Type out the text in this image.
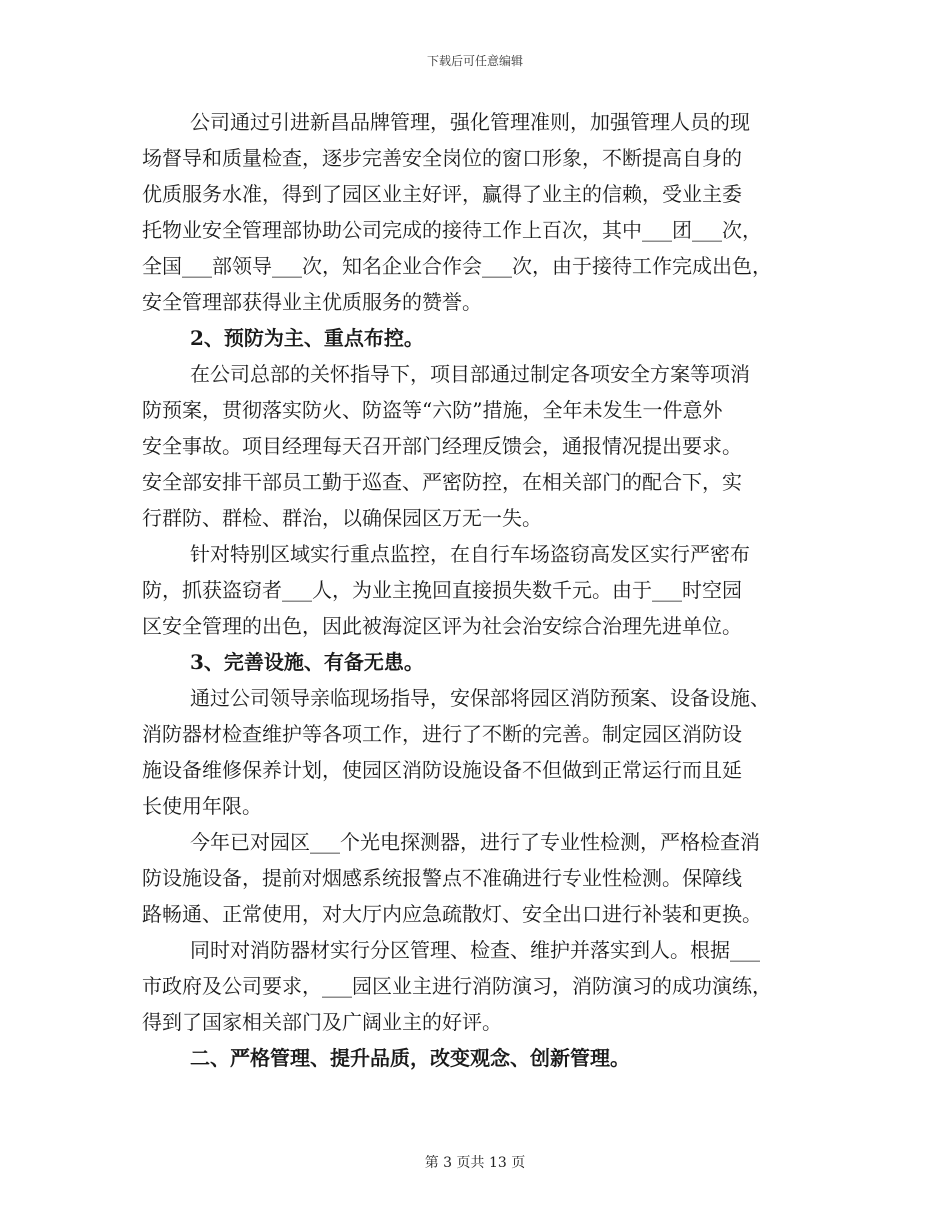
下载后可任意编辑
公司通过引进新昌品牌管理，强化管理准则，加强管理人员的现
场督导和质量检查，逐步完善安全岗位的窗口形象，不断提高自身的
优质服务水准，得到了园区业主好评，赢得了业主的信赖，受业主委
托物业安全管理部协助公司完成的接待工作上百次，其中___团___次，
全国___部领导___次，知名企业合作会___次，由于接待工作完成出色，
安全管理部获得业主优质服务的赞誉。
2、预防为主、重点布控。
在公司总部的关怀指导下，项目部通过制定各项安全方案等项消
防预案，贯彻落实防火、防盗等“六防”措施，全年未发生一件意外
安全事故。项目经理每天召开部门经理反馈会，通报情况提出要求。
安全部安排干部员工勤于巡查、严密防控，在相关部门的配合下，实
行群防、群检、群治，以确保园区万无一失。
针对特别区域实行重点监控，在自行车场盗窃高发区实行严密布
防，抓获盗窃者___人，为业主挽回直接损失数千元。由于___时空园
区安全管理的出色，因此被海淀区评为社会治安综合治理先进单位。
3、完善设施、有备无患。
通过公司领导亲临现场指导，安保部将园区消防预案、设备设施、
消防器材检查维护等各项工作，进行了不断的完善。制定园区消防设
施设备维修保养计划，使园区消防设施设备不但做到正常运行而且延
长使用年限。
今年已对园区___个光电探测器，进行了专业性检测，严格检查消
防设施设备，提前对烟感系统报警点不准确进行专业性检测。保障线
路畅通、正常使用，对大厅内应急疏散灯、安全出口进行补装和更换。
同时对消防器材实行分区管理、检查、维护并落实到人。根据___
市政府及公司要求，___园区业主进行消防演习，消防演习的成功演练，
得到了国家相关部门及广阔业主的好评。
二、严格管理、提升品质，改变观念、创新管理。
第 3 页共 13 页
